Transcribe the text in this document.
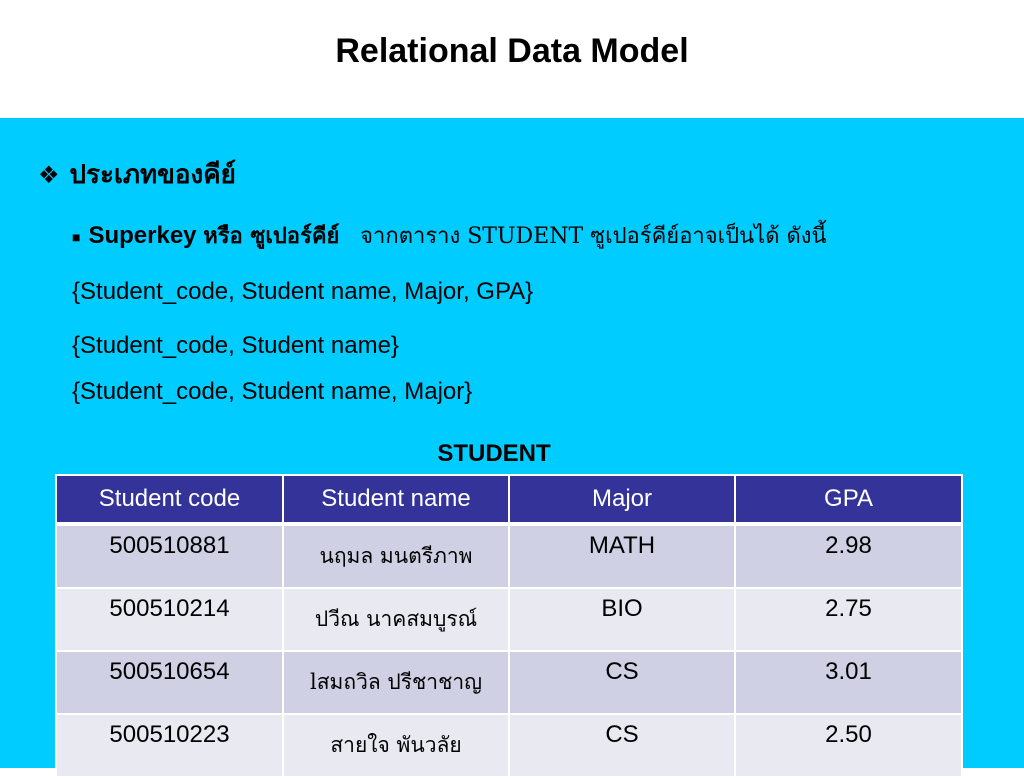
Relational Data Model
❖ ประเภทของคีย์
■ Superkey หรือ ซูเปอร์คีย์ จากตาราง STUDENT ซูเปอร์คีย์อาจเป็นได้ ดังนี้
{Student_code, Student name, Major, GPA}
{Student_code, Student name}
{Student_code, Student name, Major}
STUDENT
Student code	Student name	Major	GPA
500510881	นฤมล มนตรีภาพ	MATH	2.98
500510214	ปวีณ นาคสมบูรณ์	BIO	2.75
500510654	lสมถวิล ปรีชาชาญ	CS	3.01
500510223	สายใจ พันวลัย	CS	2.50
